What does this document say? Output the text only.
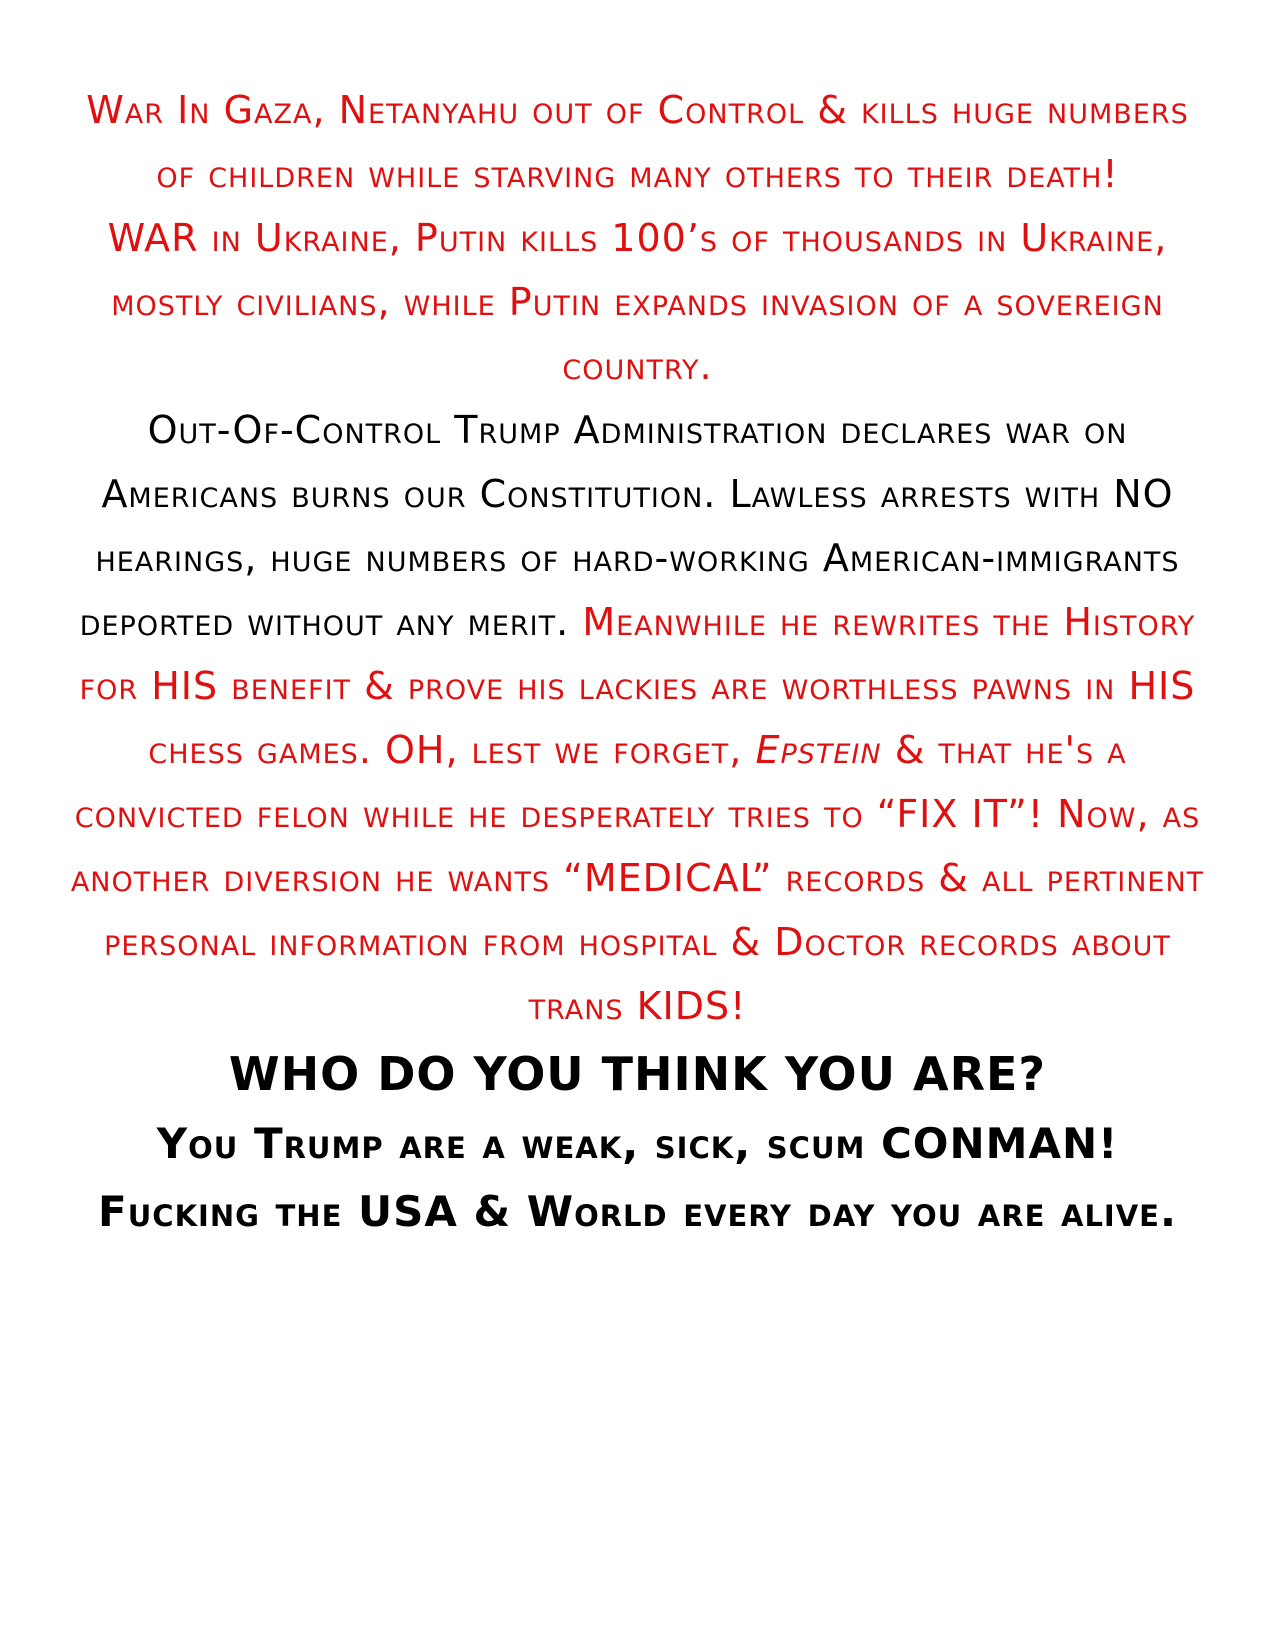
War In Gaza, Netanyahu out of Control & kills huge numbers of children while starving many others to their death!

WAR in Ukraine, Putin kills 100’s of thousands in Ukraine, mostly civilians, while Putin expands invasion of a sovereign country.

Out-Of-Control Trump Administration declares war on Americans burns our Constitution. Lawless arrests with NO hearings, huge numbers of hard-working American-immigrants deported without any merit. Meanwhile he rewrites the History for HIS benefit & prove his lackies are worthless pawns in HIS chess games. OH, lest we forget, Epstein & that he's a convicted felon while he desperately tries to “FIX IT”! Now, as another diversion he wants “MEDICAL” records & all pertinent personal information from hospital & Doctor records about trans KIDS!

WHO DO YOU THINK YOU ARE?

You Trump are a weak, sick, scum CONMAN! Fucking the USA & World every day you are alive.
